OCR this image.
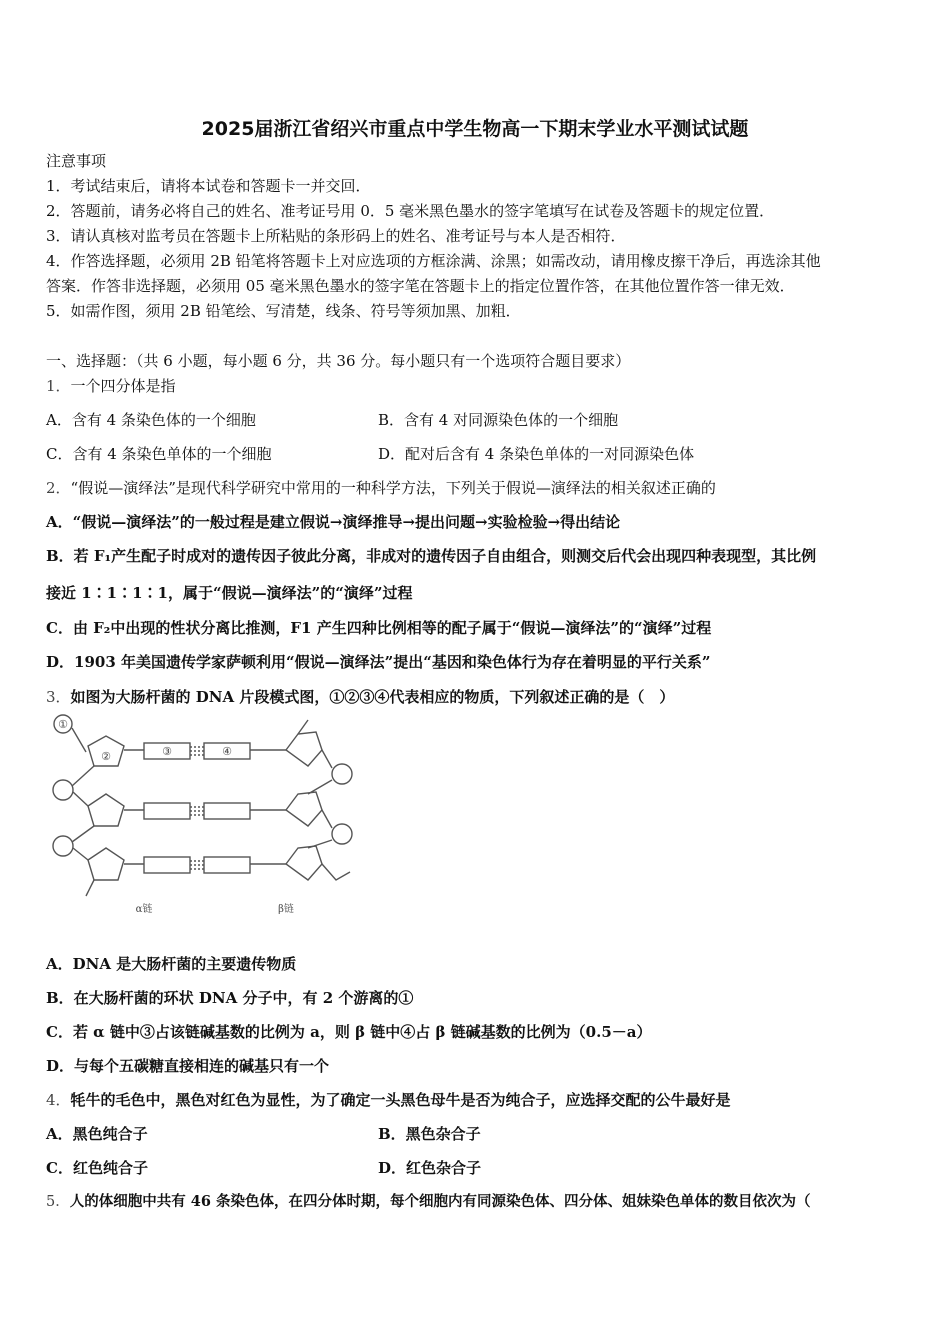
2025届浙江省绍兴市重点中学生物高一下期末学业水平测试试题
注意事项
1．考试结束后，请将本试卷和答题卡一并交回．
2．答题前，请务必将自己的姓名、准考证号用 0．5 毫米黑色墨水的签字笔填写在试卷及答题卡的规定位置．
3．请认真核对监考员在答题卡上所粘贴的条形码上的姓名、准考证号与本人是否相符．
4．作答选择题，必须用 2B 铅笔将答题卡上对应选项的方框涂满、涂黑；如需改动，请用橡皮擦干净后，再选涂其他
答案．作答非选择题，必须用 05 毫米黑色墨水的签字笔在答题卡上的指定位置作答，在其他位置作答一律无效．
5．如需作图，须用 2B 铅笔绘、写清楚，线条、符号等须加黑、加粗．
一、选择题：（共 6 小题，每小题 6 分，共 36 分。每小题只有一个选项符合题目要求）
1．一个四分体是指
A．含有 4 条染色体的一个细胞	B．含有 4 对同源染色体的一个细胞
C．含有 4 条染色单体的一个细胞	D．配对后含有 4 条染色单体的一对同源染色体
2．“假说—演绎法”是现代科学研究中常用的一种科学方法，下列关于假说—演绎法的相关叙述正确的
A．“假说—演绎法”的一般过程是建立假说→演绎推导→提出问题→实验检验→得出结论
B．若 F₁产生配子时成对的遗传因子彼此分离，非成对的遗传因子自由组合，则测交后代会出现四种表现型，其比例
接近 1∶1∶1∶1，属于“假说—演绎法”的“演绎”过程
C．由 F₂中出现的性状分离比推测，F1 产生四种比例相等的配子属于“假说—演绎法”的“演绎”过程
D．1903 年美国遗传学家萨顿利用“假说—演绎法”提出“基因和染色体行为存在着明显的平行关系”
3．如图为大肠杆菌的 DNA 片段模式图，①②③④代表相应的物质，下列叙述正确的是（　）
①
②	③	④
α链	β链
A．DNA 是大肠杆菌的主要遗传物质
B．在大肠杆菌的环状 DNA 分子中，有 2 个游离的①
C．若 α 链中③占该链碱基数的比例为 a，则 β 链中④占 β 链碱基数的比例为（0.5－a）
D．与每个五碳糖直接相连的碱基只有一个
4．牦牛的毛色中，黑色对红色为显性，为了确定一头黑色母牛是否为纯合子，应选择交配的公牛最好是
A．黑色纯合子	B．黑色杂合子
C．红色纯合子	D．红色杂合子
5．人的体细胞中共有 46 条染色体，在四分体时期，每个细胞内有同源染色体、四分体、姐妹染色单体的数目依次为（
